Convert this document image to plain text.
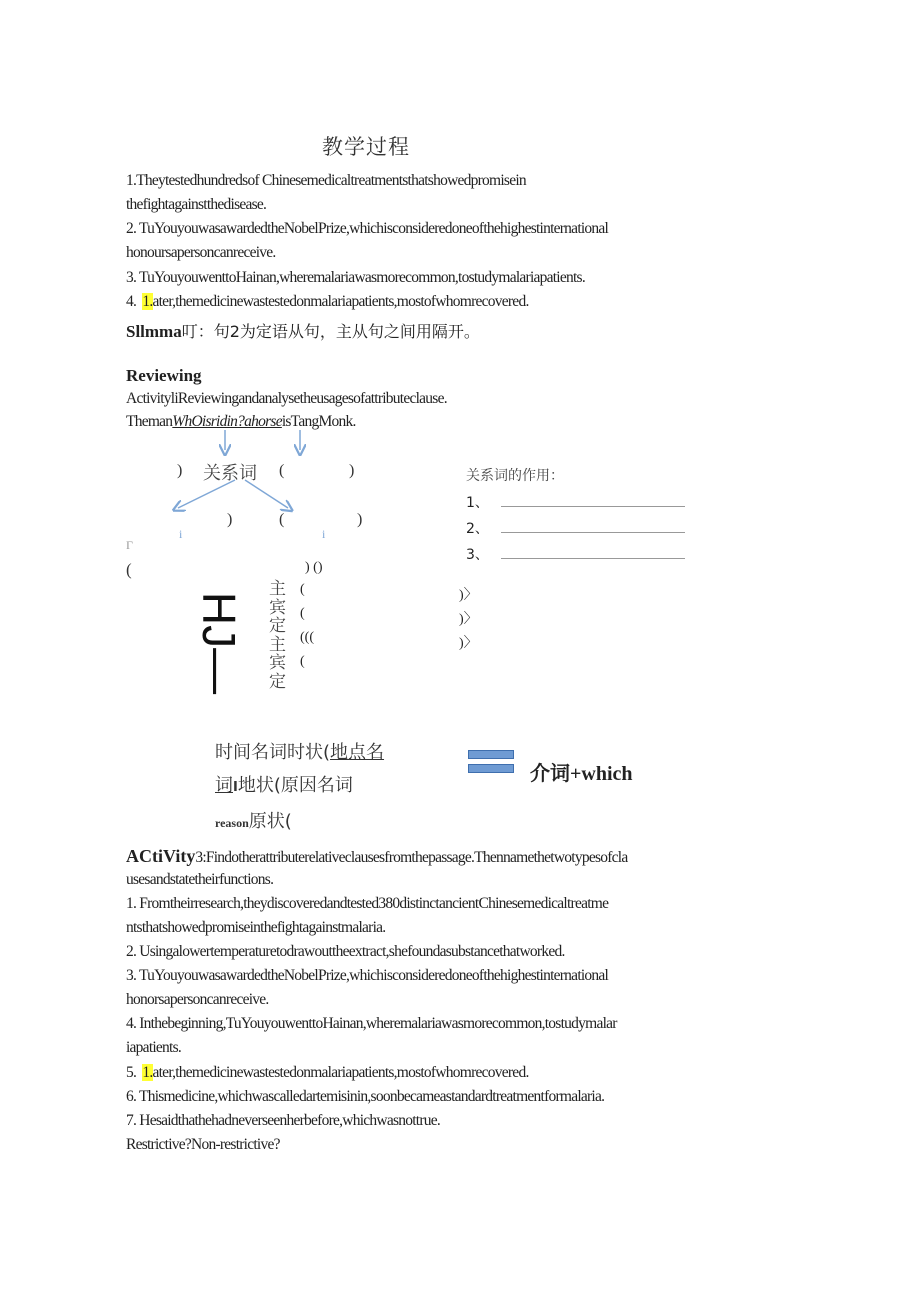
教学过程
1.Theytestedhundredsof Chinesemedicaltreatmentsthatshowedpromisein
thefightagainstthedisease.
2. TuYouyouwasawardedtheNobelPrize,whichisconsideredoneofthehighestinternational
honoursapersoncanreceive.
3. TuYouyouwenttoHainan,wheremalariawasmorecommon,tostudymalariapatients.
4.  1.ater,themedicinewastestedonmalariapatients,mostofwhomrecovered.
Sllmma叮：句2为定语从句，主从句之间用隔开。
Reviewing
ActivityliReviewingandanalysetheusagesofattributeclause.
ThemanWhOisridin?ahorseisTangMonk.
) 关系词 (	)
)	(	)
i	i
Γ
(	) ()
(
(
(((
(
HJ—
主宾定主宾定
)〉
)〉
)〉
关系词的作用：
1、
2、
3、
时间名词时状(地点名
词I地状(原因名词
reason原状(
介词+which
ACtiVity3:Findotherattributerelativeclausesfromthepassage.Thennamethetwotypesofcla
usesandstatetheirfunctions.
1. Fromtheirresearch,theydiscoveredandtested380distinctancientChinesemedicaltreatme
ntsthatshowedpromiseinthefightagainstmalaria.
2. Usingalowertemperaturetodrawouttheextract,shefoundasubstancethatworked.
3. TuYouyouwasawardedtheNobelPrize,whichisconsideredoneofthehighestinternational
honorsapersoncanreceive.
4. Inthebeginning,TuYouyouwenttoHainan,wheremalariawasmorecommon,tostudymalar
iapatients.
5.  1.ater,themedicinewastestedonmalariapatients,mostofwhomrecovered.
6. Thismedicine,whichwascalledartemisinin,soonbecameastandardtreatmentformalaria.
7. Hesaidthathehadneverseenherbefore,whichwasnottrue.
Restrictive?Non-restrictive?
